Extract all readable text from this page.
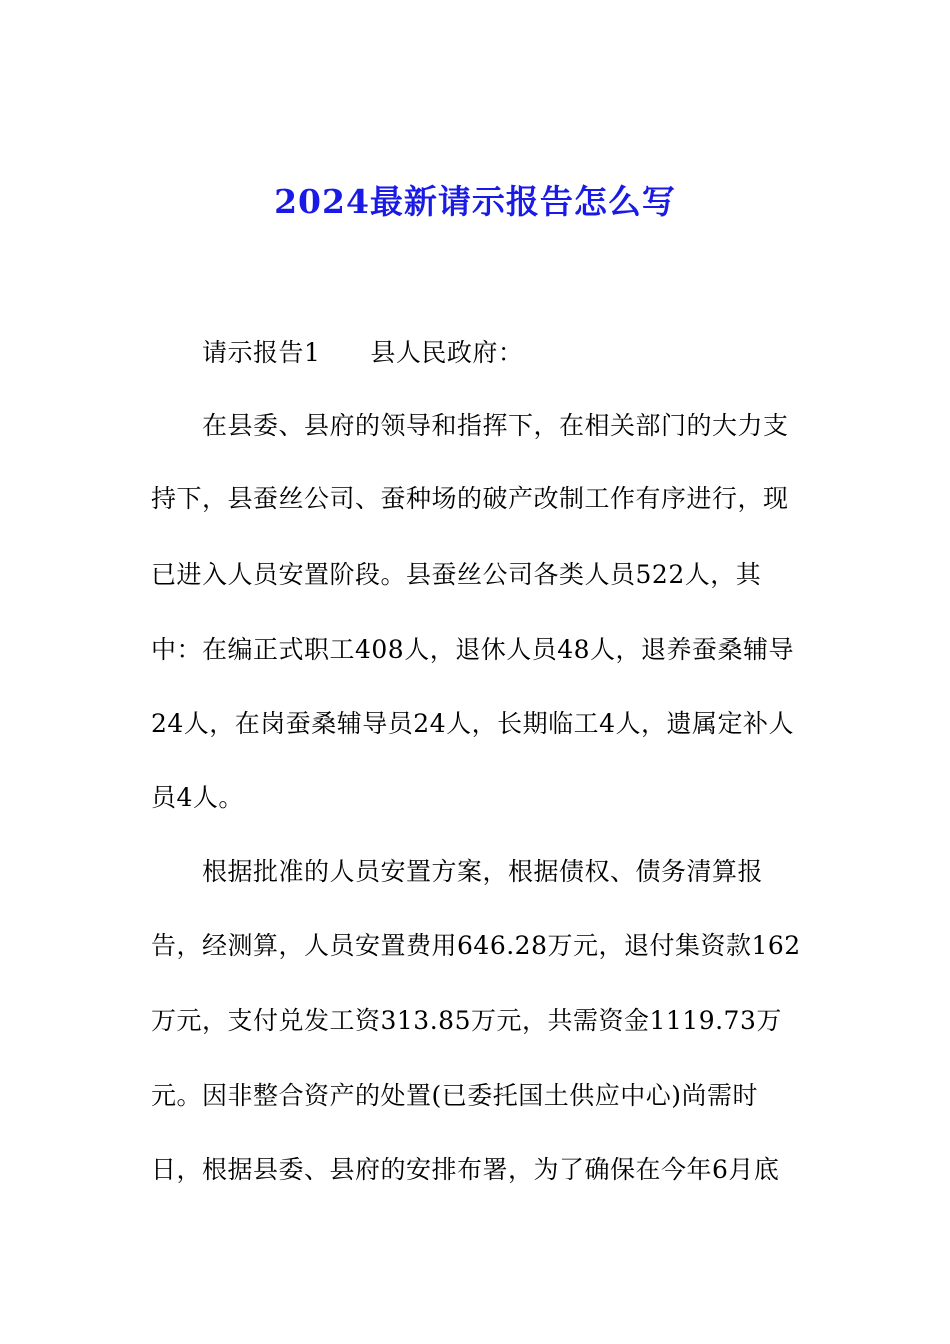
2024最新请示报告怎么写
请示报告1 县人民政府：
在县委、县府的领导和指挥下，在相关部门的大力支
持下，县蚕丝公司、蚕种场的破产改制工作有序进行，现
已进入人员安置阶段。县蚕丝公司各类人员522人，其
中：在编正式职工408人，退休人员48人，退养蚕桑辅导
24人，在岗蚕桑辅导员24人，长期临工4人，遗属定补人
员4人。
根据批准的人员安置方案，根据债权、债务清算报
告，经测算，人员安置费用646.28万元，退付集资款162
万元，支付兑发工资313.85万元，共需资金1119.73万
元。因非整合资产的处置(已委托国土供应中心)尚需时
日，根据县委、县府的安排布署，为了确保在今年6月底
